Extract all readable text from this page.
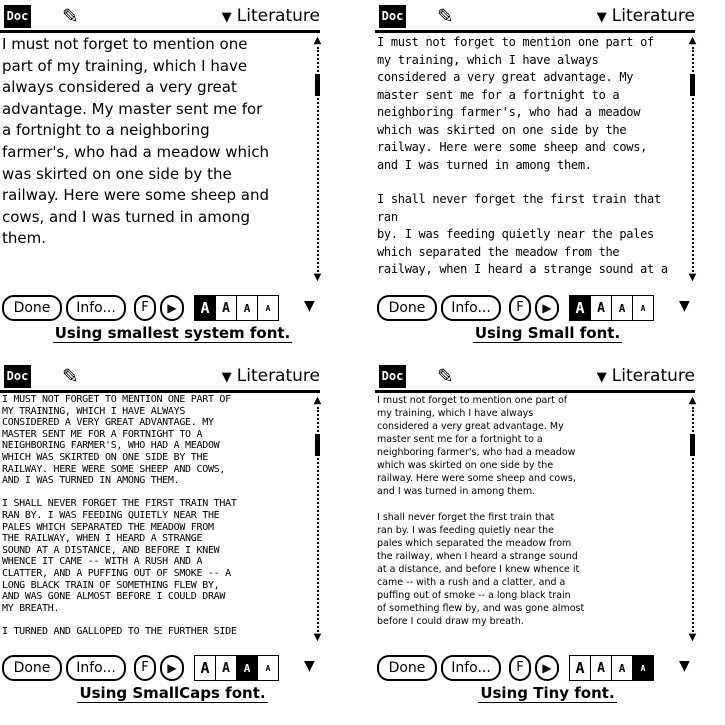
Doc ✎	▼ Literature

I must not forget to mention one
part of my training, which I have
always considered a very great
advantage. My master sent me for
a fortnight to a neighboring
farmer's, who had a meadow which
was skirted on one side by the
railway. Here were some sheep and
cows, and I was turned in among
them.

▲
▼
Done	Info...	F	▶	A A	A	A	▼
Using smallest system font.
Doc ✎	▼ Literature

I must not forget to mention one part of
my training, which I have always
considered a very great advantage. My
master sent me for a fortnight to a
neighboring farmer's, who had a meadow
which was skirted on one side by the
railway. Here were some sheep and cows,
and I was turned in among them.

I shall never forget the first train that ran
by. I was feeding quietly near the pales
which separated the meadow from the
railway, when I heard a strange sound at a

▲
▼
Done	Info...	F	▶	A A	A	A	▼
Using Small font.
Doc ✎	▼ Literature

I MUST NOT FORGET TO MENTION ONE PART OF
MY TRAINING, WHICH I HAVE ALWAYS
CONSIDERED A VERY GREAT ADVANTAGE. MY
MASTER SENT ME FOR A FORTNIGHT TO A
NEIGHBORING FARMER'S, WHO HAD A MEADOW
WHICH WAS SKIRTED ON ONE SIDE BY THE
RAILWAY. HERE WERE SOME SHEEP AND COWS,
AND I WAS TURNED IN AMONG THEM.

I SHALL NEVER FORGET THE FIRST TRAIN THAT
RAN BY. I WAS FEEDING QUIETLY NEAR THE
PALES WHICH SEPARATED THE MEADOW FROM
THE RAILWAY, WHEN I HEARD A STRANGE
SOUND AT A DISTANCE, AND BEFORE I KNEW
WHENCE IT CAME -- WITH A RUSH AND A
CLATTER, AND A PUFFING OUT OF SMOKE -- A
LONG BLACK TRAIN OF SOMETHING FLEW BY,
AND WAS GONE ALMOST BEFORE I COULD DRAW
MY BREATH.

I TURNED AND GALLOPED TO THE FURTHER SIDE

▲
▼
Done	Info...	F	▶	A A	A	A	▼
Using SmallCaps font.
Doc ✎	▼ Literature

I must not forget to mention one part of
my training, which I have always
considered a very great advantage. My
master sent me for a fortnight to a
neighboring farmer's, who had a meadow
which was skirted on one side by the
railway. Here were some sheep and cows,
and I was turned in among them.

I shall never forget the first train that
ran by. I was feeding quietly near the
pales which separated the meadow from
the railway, when I heard a strange sound
at a distance, and before I knew whence it
came -- with a rush and a clatter, and a
puffing out of smoke -- a long black train
of something flew by, and was gone almost
before I could draw my breath.

▲
▼
Done	Info...	F	▶	A A	A	A	▼
Using Tiny font.
